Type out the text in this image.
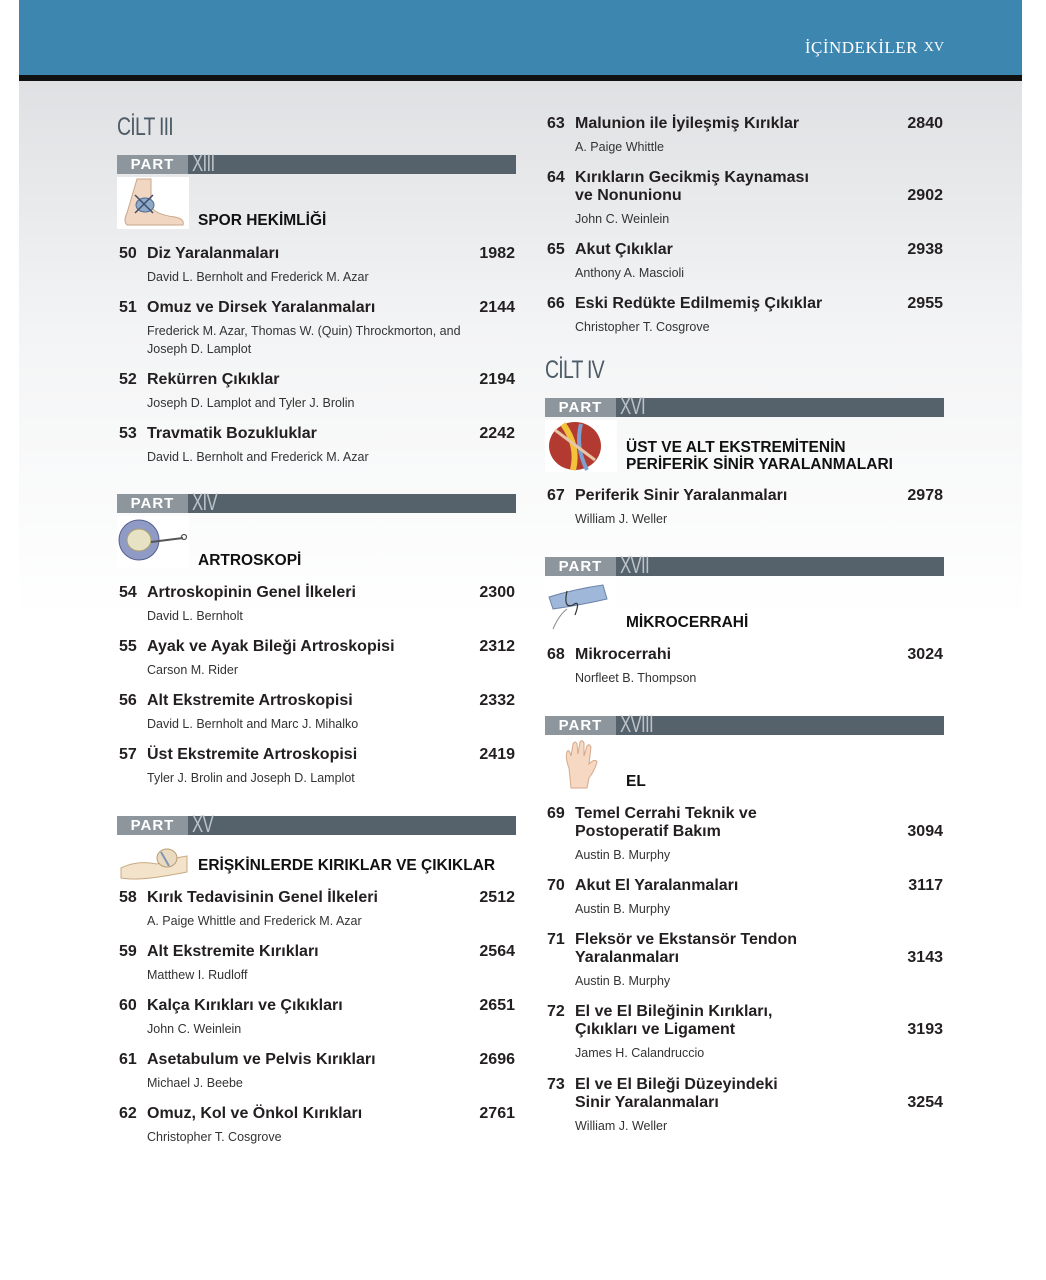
İÇİNDEKİLER XV
CİLT III
PART XIII
SPOR HEKİMLİĞİ
50 Diz Yaralanmaları	1982
David L. Bernholt and Frederick M. Azar
51 Omuz ve Dirsek Yaralanmaları	2144
Frederick M. Azar, Thomas W. (Quin) Throckmorton, and
Joseph D. Lamplot
52 Rekürren Çıkıklar	2194
Joseph D. Lamplot and Tyler J. Brolin
53 Travmatik Bozukluklar	2242
David L. Bernholt and Frederick M. Azar
PART XIV
ARTROSKOPİ
54 Artroskopinin Genel İlkeleri	2300
David L. Bernholt
55 Ayak ve Ayak Bileği Artroskopisi	2312
Carson M. Rider
56 Alt Ekstremite Artroskopisi	2332
David L. Bernholt and Marc J. Mihalko
57 Üst Ekstremite Artroskopisi	2419
Tyler J. Brolin and Joseph D. Lamplot
PART XV
ERİŞKİNLERDE KIRIKLAR VE ÇIKIKLAR
58 Kırık Tedavisinin Genel İlkeleri	2512
A. Paige Whittle and Frederick M. Azar
59 Alt Ekstremite Kırıkları	2564
Matthew I. Rudloff
60 Kalça Kırıkları ve Çıkıkları	2651
John C. Weinlein
61 Asetabulum ve Pelvis Kırıkları	2696
Michael J. Beebe
62 Omuz, Kol ve Önkol Kırıkları	2761
Christopher T. Cosgrove
63 Malunion ile İyileşmiş Kırıklar	2840
A. Paige Whittle
64 Kırıkların Gecikmiş Kaynaması
ve Nonunionu	2902
John C. Weinlein
65 Akut Çıkıklar	2938
Anthony A. Mascioli
66 Eski Redükte Edilmemiş Çıkıklar	2955
Christopher T. Cosgrove
CİLT IV
PART XVI
ÜST VE ALT EKSTREMİTENİN
PERİFERİK SİNİR YARALANMALARI
67 Periferik Sinir Yaralanmaları	2978
William J. Weller
PART XVII
MİKROCERRAHİ
68 Mikrocerrahi	3024
Norfleet B. Thompson
PART XVIII
EL
69 Temel Cerrahi Teknik ve
Postoperatif Bakım	3094
Austin B. Murphy
70 Akut El Yaralanmaları	3117
Austin B. Murphy
71 Fleksör ve Ekstansör Tendon
Yaralanmaları	3143
Austin B. Murphy
72 El ve El Bileğinin Kırıkları,
Çıkıkları ve Ligament	3193
James H. Calandruccio
73 El ve El Bileği Düzeyindeki
Sinir Yaralanmaları	3254
William J. Weller
